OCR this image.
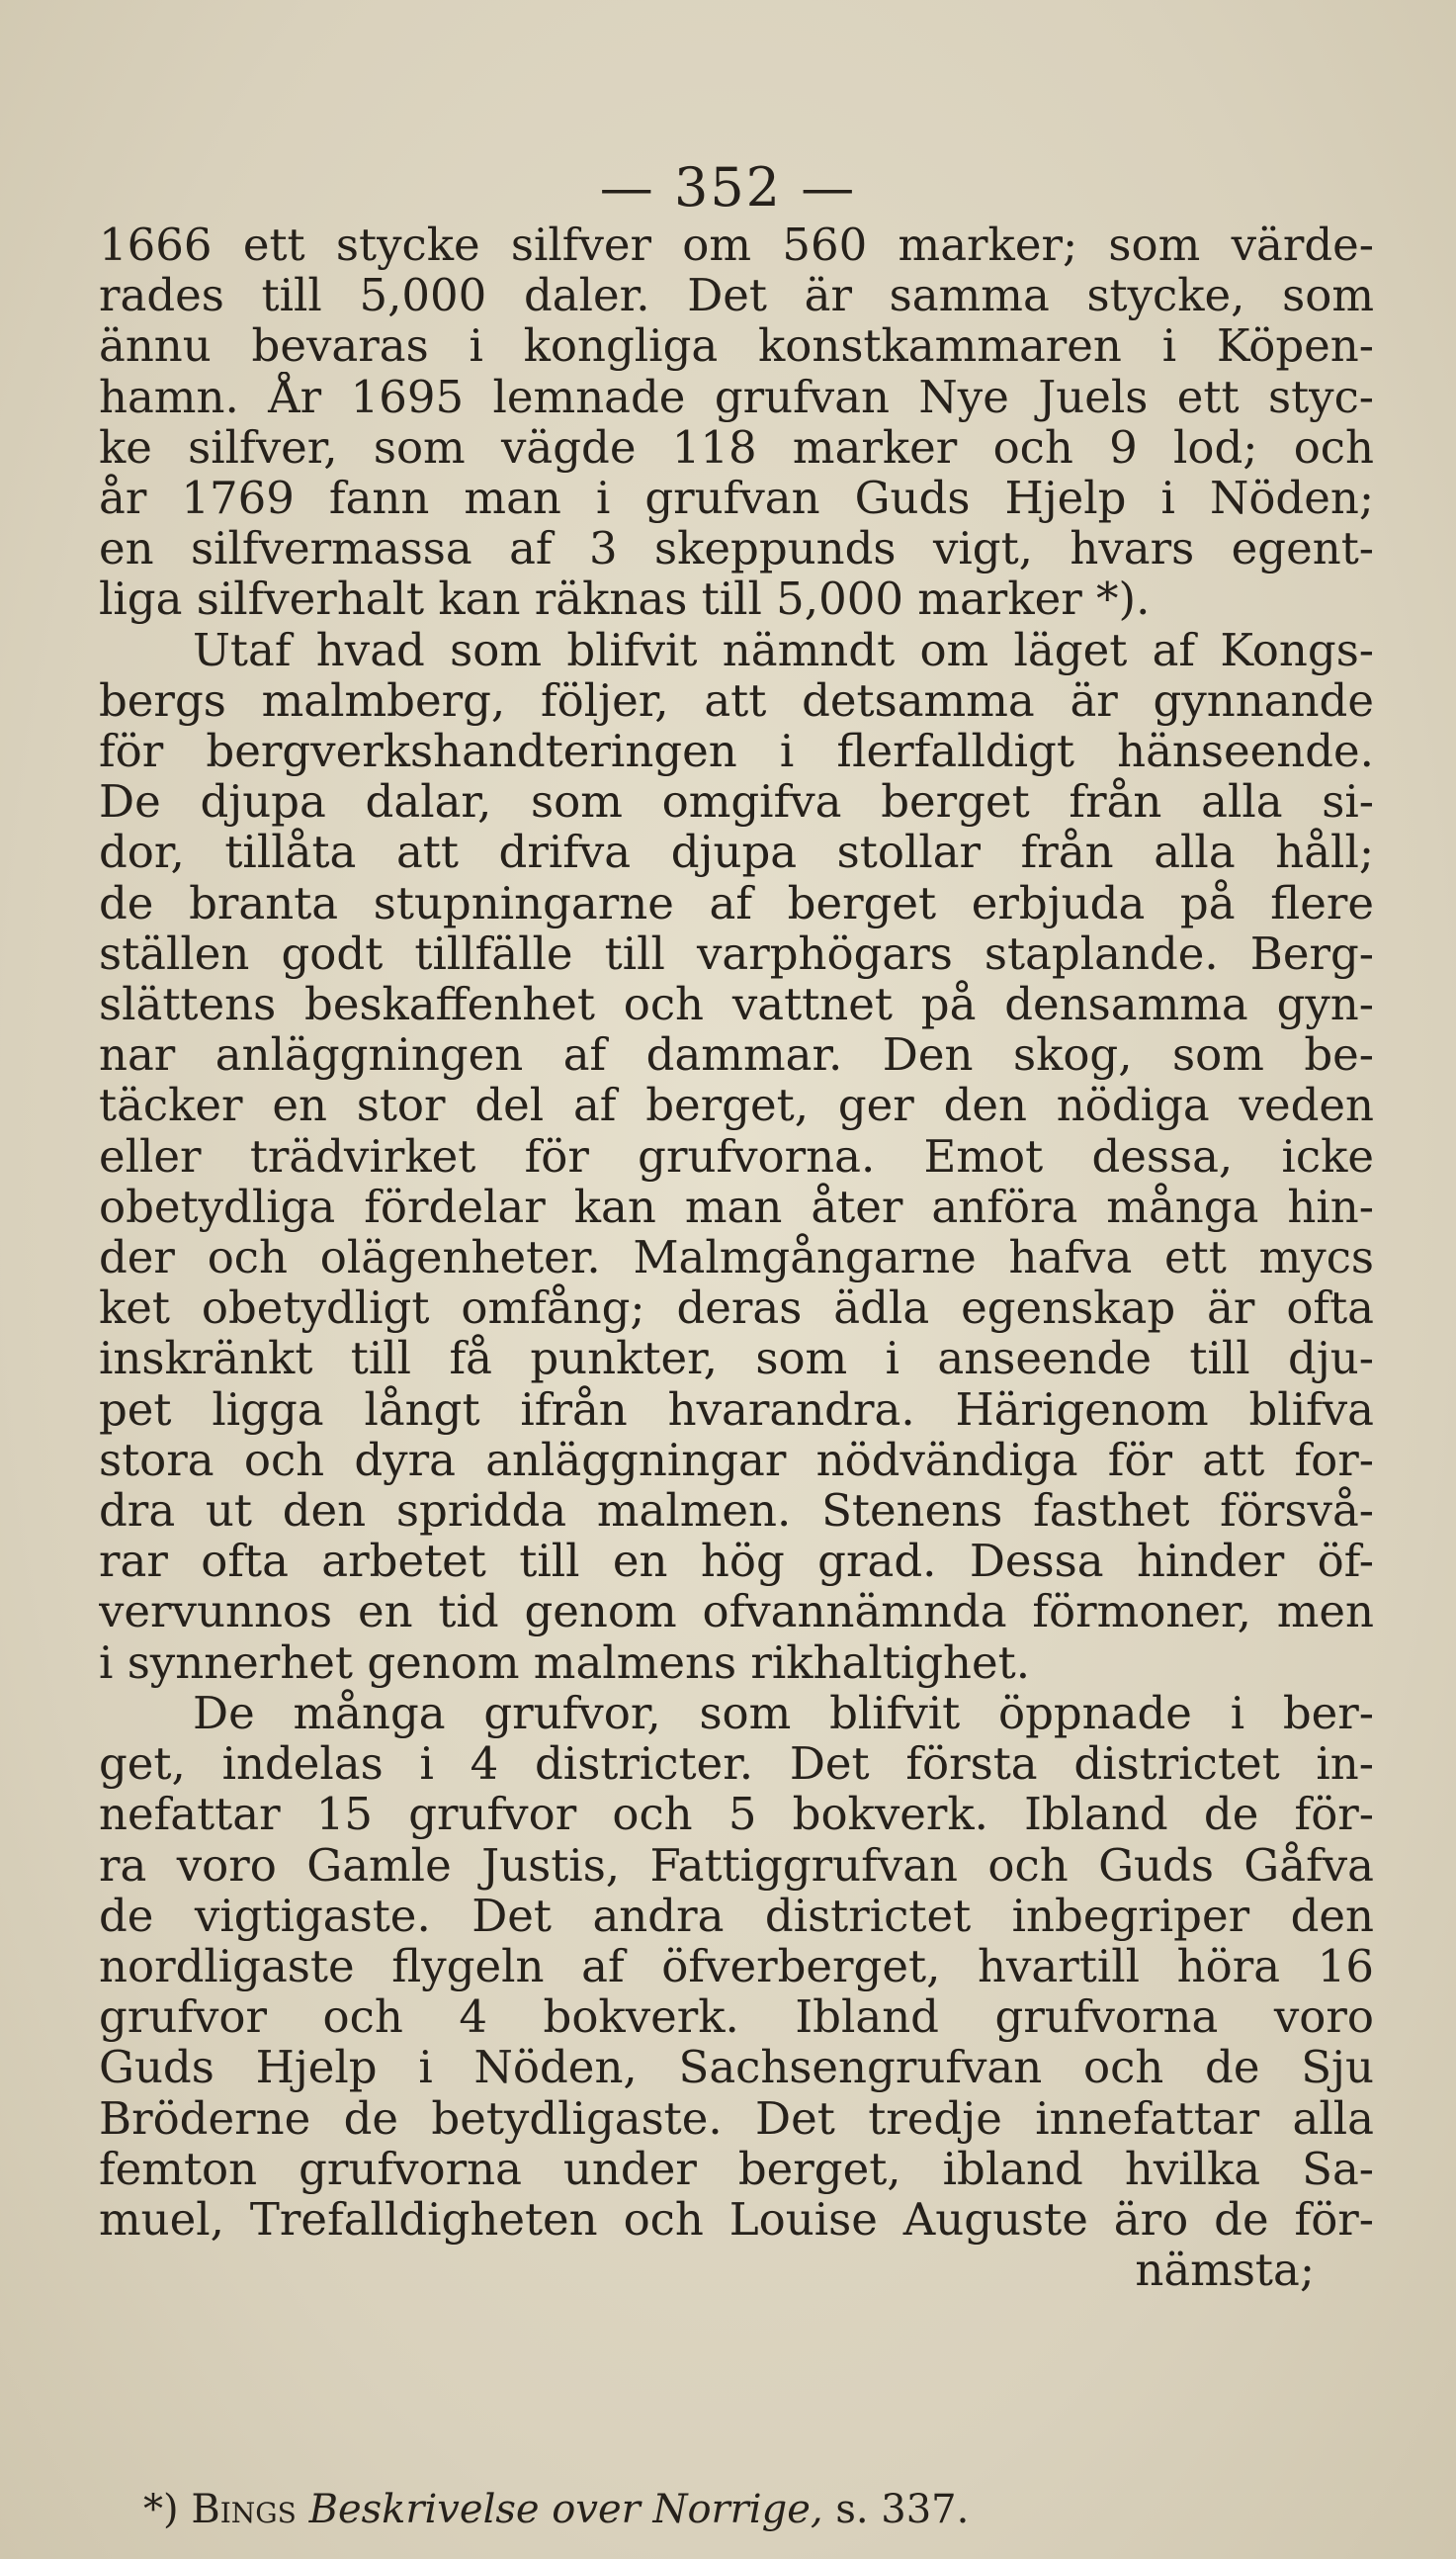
— 352 —
1666 ett stycke silfver om 560 marker; som värde-
rades till 5,000 daler. Det är samma stycke, som
ännu bevaras i kongliga konstkammaren i Köpen-
hamn. År 1695 lemnade grufvan Nye Juels ett styc-
ke silfver, som vägde 118 marker och 9 lod; och
år 1769 fann man i grufvan Guds Hjelp i Nöden;
en silfvermassa af 3 skeppunds vigt, hvars egent-
liga silfverhalt kan räknas till 5,000 marker *).
Utaf hvad som blifvit nämndt om läget af Kongs-
bergs malmberg, följer, att detsamma är gynnande
för bergverkshandteringen i flerfalldigt hänseende.
De djupa dalar, som omgifva berget från alla si-
dor, tillåta att drifva djupa stollar från alla håll;
de branta stupningarne af berget erbjuda på flere
ställen godt tillfälle till varphögars staplande. Berg-
slättens beskaffenhet och vattnet på densamma gyn-
nar anläggningen af dammar. Den skog, som be-
täcker en stor del af berget, ger den nödiga veden
eller trädvirket för grufvorna. Emot dessa, icke
obetydliga fördelar kan man åter anföra många hin-
der och olägenheter. Malmgångarne hafva ett mycs
ket obetydligt omfång; deras ädla egenskap är ofta
inskränkt till få punkter, som i anseende till dju-
pet ligga långt ifrån hvarandra. Härigenom blifva
stora och dyra anläggningar nödvändiga för att for-
dra ut den spridda malmen. Stenens fasthet försvå-
rar ofta arbetet till en hög grad. Dessa hinder öf-
vervunnos en tid genom ofvannämnda förmoner, men
i synnerhet genom malmens rikhaltighet.
De många grufvor, som blifvit öppnade i ber-
get, indelas i 4 districter. Det första districtet in-
nefattar 15 grufvor och 5 bokverk. Ibland de för-
ra voro Gamle Justis, Fattiggrufvan och Guds Gåfva
de vigtigaste. Det andra districtet inbegriper den
nordligaste flygeln af öfverberget, hvartill höra 16
grufvor och 4 bokverk. Ibland grufvorna voro
Guds Hjelp i Nöden, Sachsengrufvan och de Sju
Bröderne de betydligaste. Det tredje innefattar alla
femton grufvorna under berget, ibland hvilka Sa-
muel, Trefalldigheten och Louise Auguste äro de för-
nämsta;
*) Bings Beskrivelse over Norrige, s. 337.
